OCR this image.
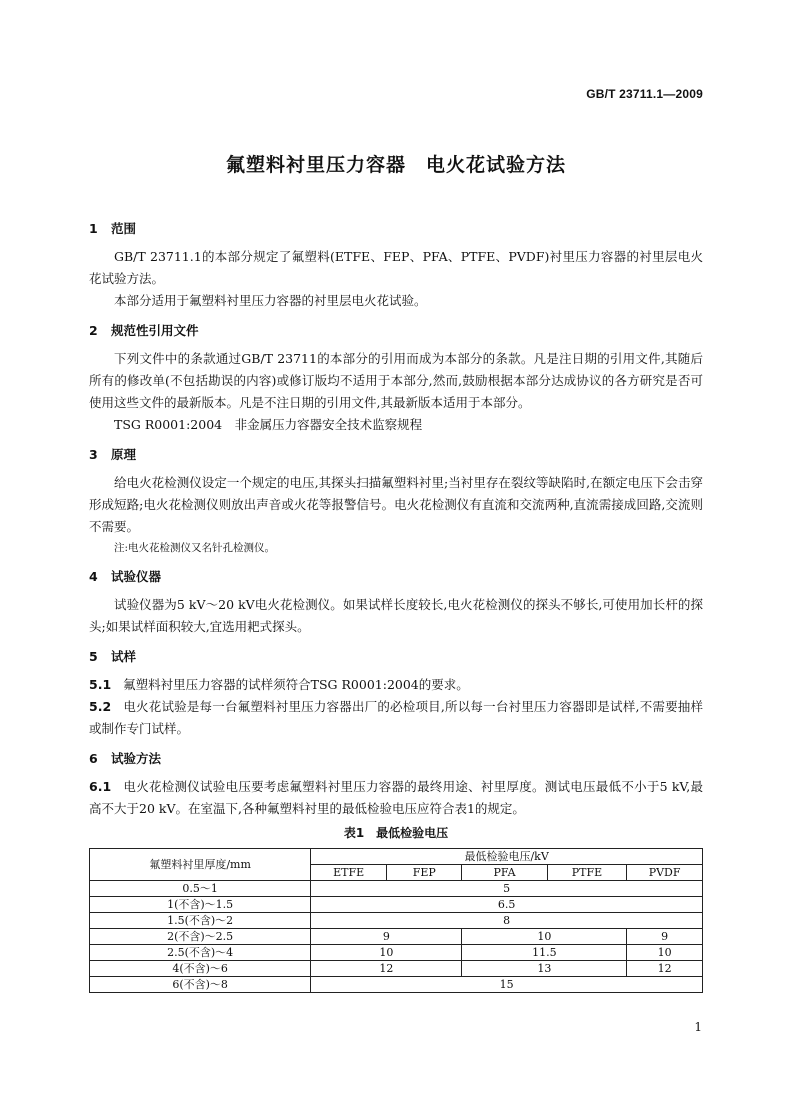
GB/T 23711.1—2009
氟塑料衬里压力容器　电火花试验方法

1 范围

GB/T 23711.1的本部分规定了氟塑料(ETFE、FEP、PFA、PTFE、PVDF)衬里压力容器的衬里层电火花试验方法。

本部分适用于氟塑料衬里压力容器的衬里层电火花试验。

2 规范性引用文件

下列文件中的条款通过GB/T 23711的本部分的引用而成为本部分的条款。凡是注日期的引用文件,其随后所有的修改单(不包括勘误的内容)或修订版均不适用于本部分,然而,鼓励根据本部分达成协议的各方研究是否可使用这些文件的最新版本。凡是不注日期的引用文件,其最新版本适用于本部分。

TSG R0001:2004　非金属压力容器安全技术监察规程

3 原理

给电火花检测仪设定一个规定的电压,其探头扫描氟塑料衬里;当衬里存在裂纹等缺陷时,在额定电压下会击穿形成短路;电火花检测仪则放出声音或火花等报警信号。电火花检测仪有直流和交流两种,直流需接成回路,交流则不需要。

注:电火花检测仪又名针孔检测仪。

4 试验仪器

试验仪器为5 kV～20 kV电火花检测仪。如果试样长度较长,电火花检测仪的探头不够长,可使用加长杆的探头;如果试样面积较大,宜选用耙式探头。

5 试样

5.1 氟塑料衬里压力容器的试样须符合TSG R0001:2004的要求。

5.2 电火花试验是每一台氟塑料衬里压力容器出厂的必检项目,所以每一台衬里压力容器即是试样,不需要抽样或制作专门试样。

6 试验方法

6.1 电火花检测仪试验电压要考虑氟塑料衬里压力容器的最终用途、衬里厚度。测试电压最低不小于5 kV,最高不大于20 kV。在室温下,各种氟塑料衬里的最低检验电压应符合表1的规定。

表1　最低检验电压
氟塑料衬里厚度/mm	最低检验电压/kV				
	ETFE	FEP	PFA	PTFE	PVDF
0.5～1	5				
1(不含)～1.5	6.5				
1.5(不含)～2	8				
2(不含)～2.5	9		10		9
2.5(不含)～4	10		11.5		10
4(不含)～6	12		13		12
6(不含)～8	15				
1
